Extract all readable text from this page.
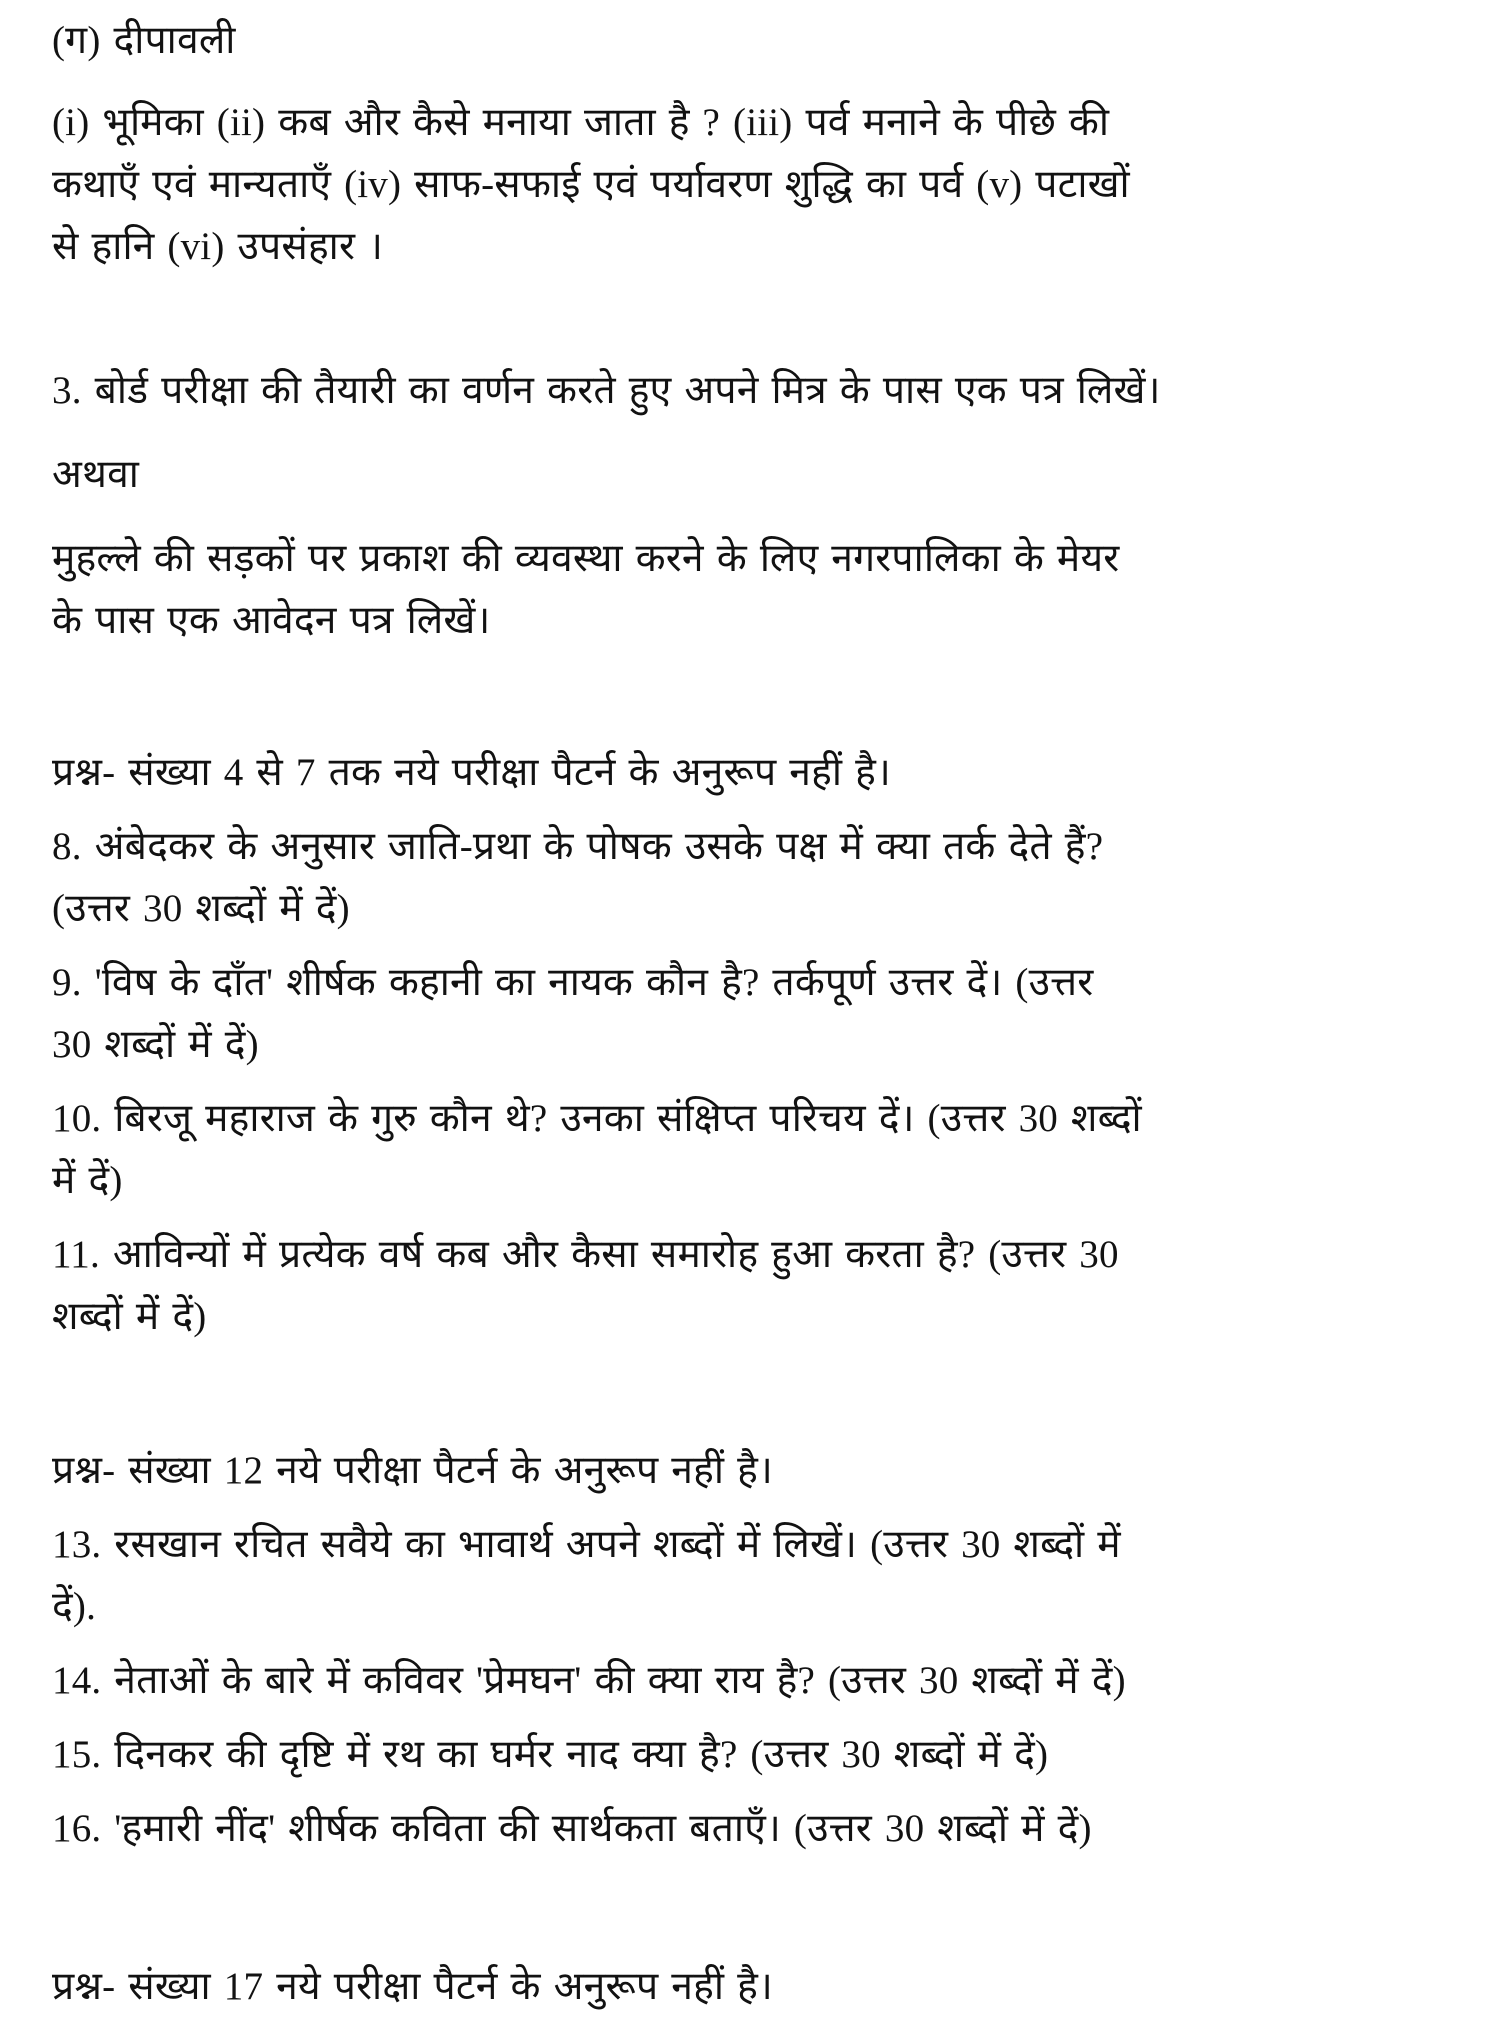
(ग) दीपावली

(i) भूमिका (ii) कब और कैसे मनाया जाता है ? (iii) पर्व मनाने के पीछे की कथाएँ एवं मान्यताएँ (iv) साफ-सफाई एवं पर्यावरण शुद्धि का पर्व (v) पटाखों से हानि (vi) उपसंहार ।

3. बोर्ड परीक्षा की तैयारी का वर्णन करते हुए अपने मित्र के पास एक पत्र लिखें।

अथवा

मुहल्ले की सड़कों पर प्रकाश की व्यवस्था करने के लिए नगरपालिका के मेयर के पास एक आवेदन पत्र लिखें।

प्रश्न- संख्या 4 से 7 तक नये परीक्षा पैटर्न के अनुरूप नहीं है।

8. अंबेदकर के अनुसार जाति-प्रथा के पोषक उसके पक्ष में क्या तर्क देते हैं? (उत्तर 30 शब्दों में दें)

9. 'विष के दाँत' शीर्षक कहानी का नायक कौन है? तर्कपूर्ण उत्तर दें। (उत्तर 30 शब्दों में दें)

10. बिरजू महाराज के गुरु कौन थे? उनका संक्षिप्त परिचय दें। (उत्तर 30 शब्दों में दें)

11. आविन्यों में प्रत्येक वर्ष कब और कैसा समारोह हुआ करता है? (उत्तर 30 शब्दों में दें)

प्रश्न- संख्या 12 नये परीक्षा पैटर्न के अनुरूप नहीं है।

13. रसखान रचित सवैये का भावार्थ अपने शब्दों में लिखें। (उत्तर 30 शब्दों में दें).

14. नेताओं के बारे में कविवर 'प्रेमघन' की क्या राय है? (उत्तर 30 शब्दों में दें)

15. दिनकर की दृष्टि में रथ का घर्मर नाद क्या है? (उत्तर 30 शब्दों में दें)

16. 'हमारी नींद' शीर्षक कविता की सार्थकता बताएँ। (उत्तर 30 शब्दों में दें)

प्रश्न- संख्या 17 नये परीक्षा पैटर्न के अनुरूप नहीं है।
